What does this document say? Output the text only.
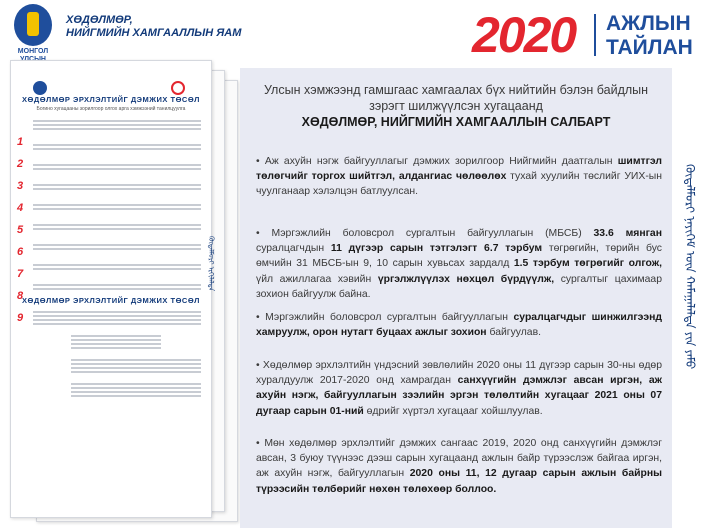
МОНГОЛ
ХӨДӨЛМӨР,
НИЙГМИЙН ХАМГААЛЛЫН ЯАМ	2020 АЖЛЫН
ТАЙЛАН
ХӨДӨЛМӨР ЭРХЛЭЛТИЙГ ДЭМЖИХ ТӨСӨЛ
Богино хугацааны зорилгоор олгох арга хэмжээний танилцуулга
1
2
3
4
5
6
7
8
9
ХӨДӨЛМӨР ЭРХЛЭЛТИЙГ ДЭМЖИХ ТӨСӨЛ
ᠬᠥᠳᠡᠯᠮᠦᠷᠢ ᠡᠷᠬᠢᠯᠡᠯᠲᠡ
Улсын хэмжээнд гамшгаас хамгаалах бүх нийтийн бэлэн байдлын зэрэгт шилжүүлсэн хугацаанд
ХӨДӨЛМӨР, НИЙГМИЙН ХАМГААЛЛЫН САЛБАРТ
• Аж ахуйн нэгж байгууллагыг дэмжих зорилгоор Нийгмийн даатгалын шимтгэл төлөгчийг торгох шийтгэл, алдангиас чөлөөлөх тухай хуулийн төслийг УИХ-ын чуулганаар хэлэлцэн батлуулсан.
• Мэргэжлийн боловсрол сургалтын байгууллагын (МБСБ) 33.6 мянган суралцагчдын 11 дүгээр сарын тэтгэлэгт 6.7 тэрбум төгрөгийн, төрийн бус өмчийн 31 МБСБ-ын 9, 10 сарын хувьсах зардалд 1.5 тэрбум төгрөгийг олгож, үйл ажиллагаа хэвийн үргэлжлүүлэх нөхцөл бүрдүүлж, сургалтыг цахимаар зохион байгуулж байна.
• Мэргэжлийн боловсрол сургалтын байгууллагын суралцагчдыг шинжилгээнд хамруулж, орон нутагт буцаах ажлыг зохион байгуулав.
• Хөдөлмөр эрхлэлтийн үндэсний зөвлөлийн 2020 оны 11 дүгээр сарын 30-ны өдөр хуралдуулж 2017-2020 онд хамрагдан санхүүгийн дэмжлэг авсан иргэн, аж ахуйн нэгж, байгууллагын зээлийн эргэн төлөлтийн хугацааг 2021 оны 07 дугаар сарын 01-ний өдрийг хүртэл хугацааг хойшлуулав.
• Мөн хөдөлмөр эрхлэлтийг дэмжих сангаас 2019, 2020 онд санхүүгийн дэмжлэг авсан, 3 буюу түүнээс дээш сарын хугацаанд ажлын байр түрээслэж байгаа иргэн, аж ахуйн нэгж, байгууллагын 2020 оны 11, 12 дугаар сарын ажлын байрны түрээсийн төлбөрийг нөхөн төлөхөөр боллоо.
ᠬᠥᠳᠡᠯᠮᠦᠷᠢ ᠨᠡᠶᠢᠭᠡᠮ ᠦᠨ ᠬᠠᠮᠠᠭᠠᠯᠠᠯᠲᠠ ᠶᠢᠨ ᠶᠠᠮᠤ
